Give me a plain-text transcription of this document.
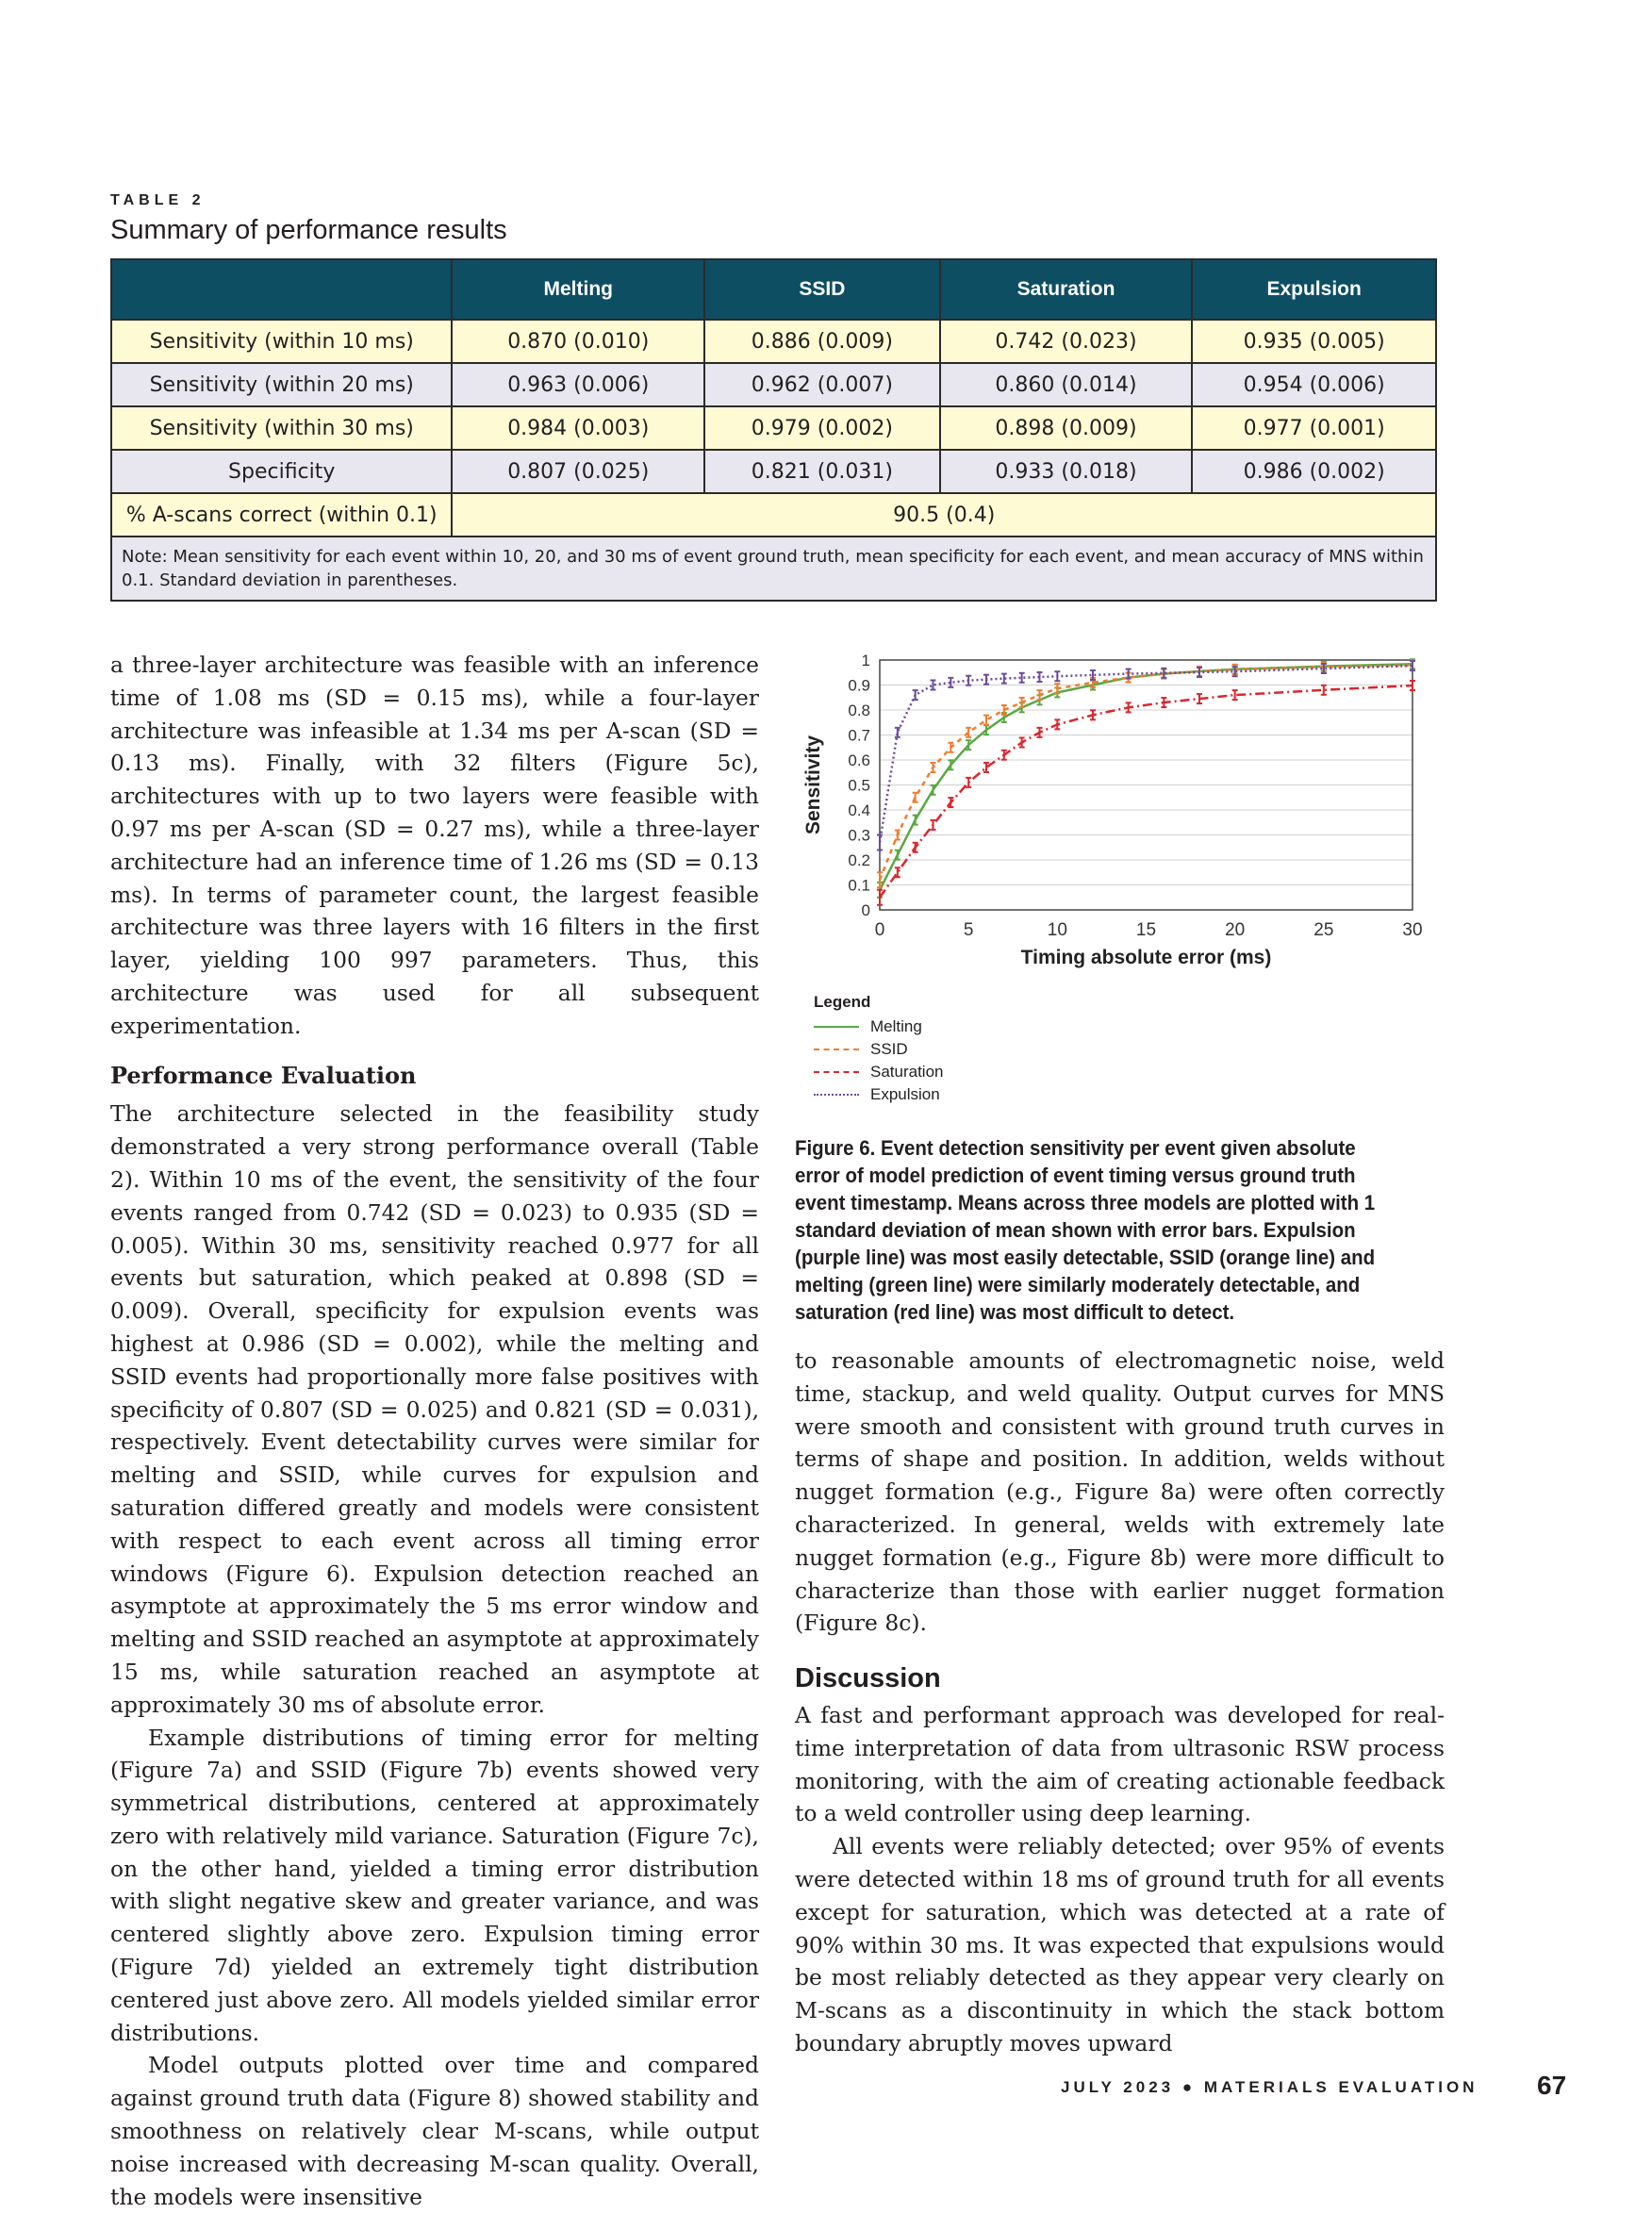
TABLE 2
Summary of performance results
	Melting	SSID	Saturation	Expulsion
Sensitivity (within 10 ms)	0.870 (0.010)	0.886 (0.009)	0.742 (0.023)	0.935 (0.005)
Sensitivity (within 20 ms)	0.963 (0.006)	0.962 (0.007)	0.860 (0.014)	0.954 (0.006)
Sensitivity (within 30 ms)	0.984 (0.003)	0.979 (0.002)	0.898 (0.009)	0.977 (0.001)
Specificity	0.807 (0.025)	0.821 (0.031)	0.933 (0.018)	0.986 (0.002)
% A-scans correct (within 0.1)	90.5 (0.4)			
Note: Mean sensitivity for each event within 10, 20, and 30 ms of event ground truth, mean specificity for each event, and mean accuracy of MNS within 0.1. Standard deviation in parentheses.				

a three-layer architecture was feasible with an inference time of 1.08 ms (SD = 0.15 ms), while a four-layer architecture was infeasible at 1.34 ms per A-scan (SD = 0.13 ms). Finally, with 32 filters (Figure 5c), architectures with up to two layers were feasible with 0.97 ms per A-scan (SD = 0.27 ms), while a three-layer architecture had an inference time of 1.26 ms (SD = 0.13 ms). In terms of parameter count, the largest feasible architecture was three layers with 16 filters in the first layer, yielding 100 997 parameters. Thus, this architecture was used for all subsequent experimentation.

Performance Evaluation

The architecture selected in the feasibility study demonstrated a very strong performance overall (Table 2). Within 10 ms of the event, the sensitivity of the four events ranged from 0.742 (SD = 0.023) to 0.935 (SD = 0.005). Within 30 ms, sensitivity reached 0.977 for all events but saturation, which peaked at 0.898 (SD = 0.009). Overall, specificity for expulsion events was highest at 0.986 (SD = 0.002), while the melting and SSID events had proportionally more false positives with specificity of 0.807 (SD = 0.025) and 0.821 (SD = 0.031), respectively. Event detectability curves were similar for melting and SSID, while curves for expulsion and saturation differed greatly and models were consistent with respect to each event across all timing error windows (Figure 6). Expulsion detection reached an asymptote at approximately the 5 ms error window and melting and SSID reached an asymptote at approximately 15 ms, while saturation reached an asymptote at approximately 30 ms of absolute error.

Example distributions of timing error for melting (Figure 7a) and SSID (Figure 7b) events showed very symmetrical distributions, centered at approximately zero with relatively mild variance. Saturation (Figure 7c), on the other hand, yielded a timing error distribution with slight negative skew and greater variance, and was centered slightly above zero. Expulsion timing error (Figure 7d) yielded an extremely tight distribution centered just above zero. All models yielded similar error distributions.

Model outputs plotted over time and compared against ground truth data (Figure 8) showed stability and smoothness on relatively clear M-scans, while output noise increased with decreasing M-scan quality. Overall, the models were insensitive

0
0.1
0.2
0.3
0.4
0.5
0.6
0.7
0.8
0.9
1
0	5	10	15	20	25	30
Timing absolute error (ms)
Sensitivity
Legend
Melting
SSID
Saturation
Expulsion

Figure 6. Event detection sensitivity per event given absolute error of model prediction of event timing versus ground truth event timestamp. Means across three models are plotted with 1 standard deviation of mean shown with error bars. Expulsion (purple line) was most easily detectable, SSID (orange line) and melting (green line) were similarly moderately detectable, and saturation (red line) was most difficult to detect.

to reasonable amounts of electromagnetic noise, weld time, stackup, and weld quality. Output curves for MNS were smooth and consistent with ground truth curves in terms of shape and position. In addition, welds without nugget formation (e.g., Figure 8a) were often correctly characterized. In general, welds with extremely late nugget formation (e.g., Figure 8b) were more difficult to characterize than those with earlier nugget formation (Figure 8c).

Discussion

A fast and performant approach was developed for real-time interpretation of data from ultrasonic RSW process monitoring, with the aim of creating actionable feedback to a weld controller using deep learning.

All events were reliably detected; over 95% of events were detected within 18 ms of ground truth for all events except for saturation, which was detected at a rate of 90% within 30 ms. It was expected that expulsions would be most reliably detected as they appear very clearly on M-scans as a discontinuity in which the stack bottom boundary abruptly moves upward

JULY 2023 ● MATERIALS EVALUATION 67
